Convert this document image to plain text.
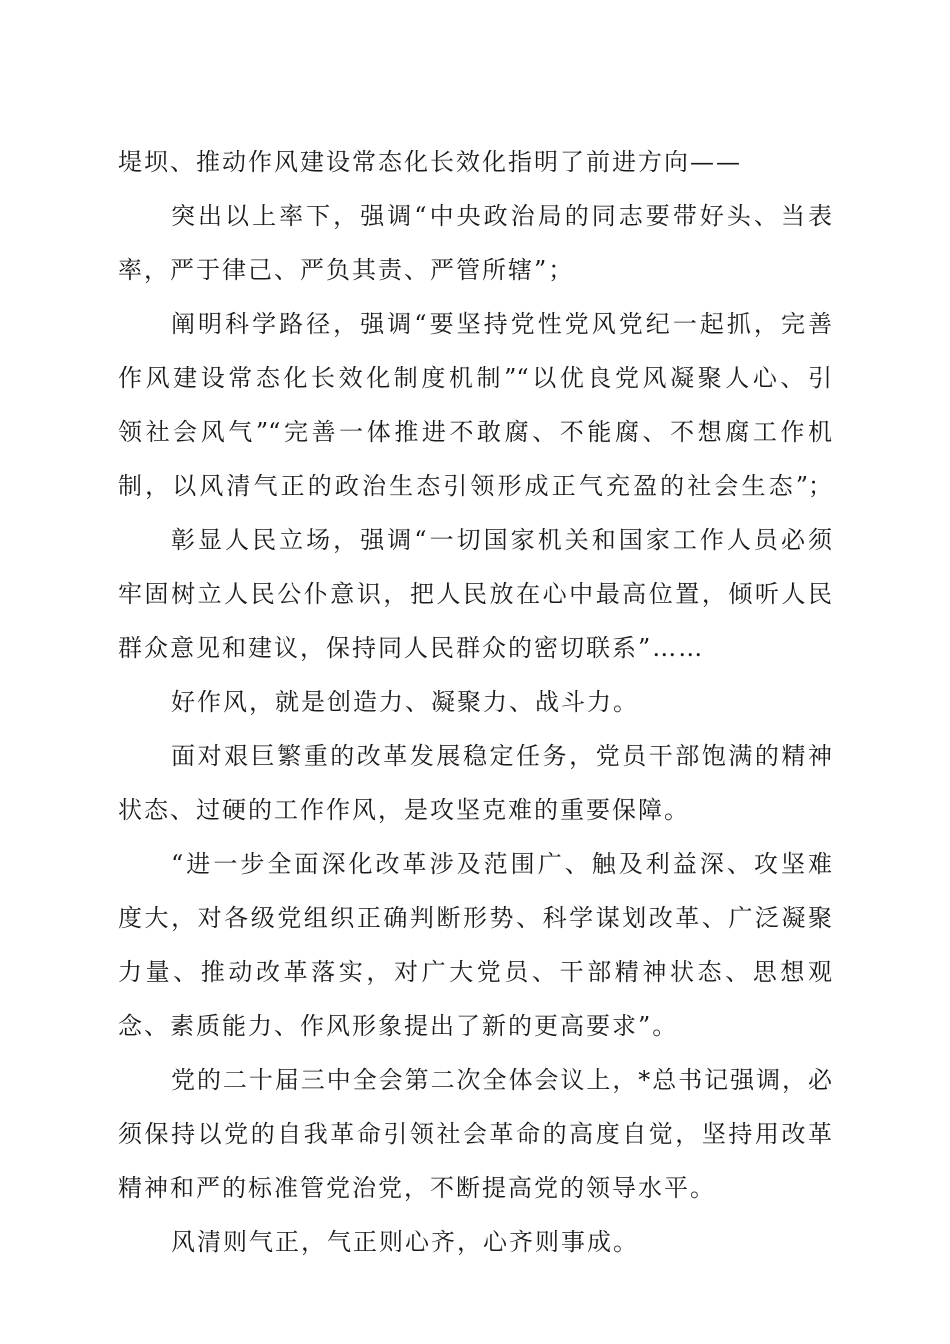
堤坝、推动作风建设常态化长效化指明了前进方向——
突出以上率下，强调“中央政治局的同志要带好头、当表
率，严于律己、严负其责、严管所辖”；
阐明科学路径，强调“要坚持党性党风党纪一起抓，完善
作风建设常态化长效化制度机制”“以优良党风凝聚人心、引
领社会风气”“完善一体推进不敢腐、不能腐、不想腐工作机
制，以风清气正的政治生态引领形成正气充盈的社会生态”；
彰显人民立场，强调“一切国家机关和国家工作人员必须
牢固树立人民公仆意识，把人民放在心中最高位置，倾听人民
群众意见和建议，保持同人民群众的密切联系”……
好作风，就是创造力、凝聚力、战斗力。
面对艰巨繁重的改革发展稳定任务，党员干部饱满的精神
状态、过硬的工作作风，是攻坚克难的重要保障。
“进一步全面深化改革涉及范围广、触及利益深、攻坚难
度大，对各级党组织正确判断形势、科学谋划改革、广泛凝聚
力量、推动改革落实，对广大党员、干部精神状态、思想观
念、素质能力、作风形象提出了新的更高要求”。
党的二十届三中全会第二次全体会议上，*总书记强调，必
须保持以党的自我革命引领社会革命的高度自觉，坚持用改革
精神和严的标准管党治党，不断提高党的领导水平。
风清则气正，气正则心齐，心齐则事成。
